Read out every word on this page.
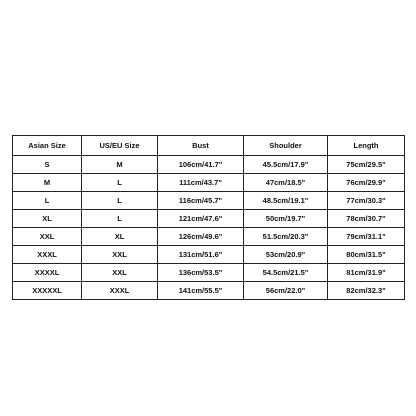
Asian Size	US/EU Size	Bust	Shoulder	Length
S	M	106cm/41.7"	45.5cm/17.9"	75cm/29.5"
M	L	111cm/43.7"	47cm/18.5"	76cm/29.9"
L	L	116cm/45.7"	48.5cm/19.1"	77cm/30.3"
XL	L	121cm/47.6"	50cm/19.7"	78cm/30.7"
XXL	XL	126cm/49.6"	51.5cm/20.3"	79cm/31.1"
XXXL	XXL	131cm/51.6"	53cm/20.9"	80cm/31.5"
XXXXL	XXL	136cm/53.5"	54.5cm/21.5"	81cm/31.9"
XXXXXL	XXXL	141cm/55.5"	56cm/22.0"	82cm/32.3"
